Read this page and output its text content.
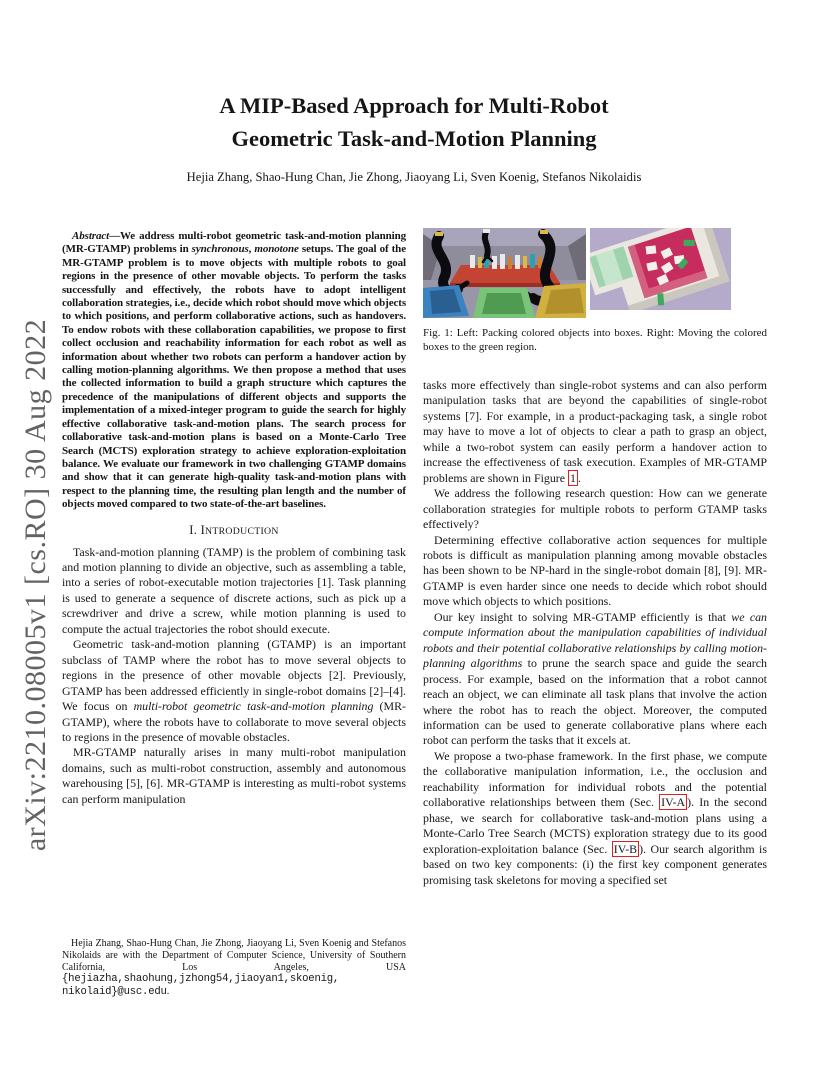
arXiv:2210.08005v1 [cs.RO] 30 Aug 2022
A MIP-Based Approach for Multi-Robot
Geometric Task-and-Motion Planning
Hejia Zhang, Shao-Hung Chan, Jie Zhong, Jiaoyang Li, Sven Koenig, Stefanos Nikolaidis

Abstract—We address multi-robot geometric task-and-motion planning (MR-GTAMP) problems in synchronous, monotone setups. The goal of the MR-GTAMP problem is to move objects with multiple robots to goal regions in the presence of other movable objects. To perform the tasks successfully and effectively, the robots have to adopt intelligent collaboration strategies, i.e., decide which robot should move which objects to which positions, and perform collaborative actions, such as handovers. To endow robots with these collaboration capabilities, we propose to first collect occlusion and reachability information for each robot as well as information about whether two robots can perform a handover action by calling motion-planning algorithms. We then propose a method that uses the collected information to build a graph structure which captures the precedence of the manipulations of different objects and supports the implementation of a mixed-integer program to guide the search for highly effective collaborative task-and-motion plans. The search process for collaborative task-and-motion plans is based on a Monte-Carlo Tree Search (MCTS) exploration strategy to achieve exploration-exploitation balance. We evaluate our framework in two challenging GTAMP domains and show that it can generate high-quality task-and-motion plans with respect to the planning time, the resulting plan length and the number of objects moved compared to two state-of-the-art baselines.

I. INTRODUCTION

Task-and-motion planning (TAMP) is the problem of combining task and motion planning to divide an objective, such as assembling a table, into a series of robot-executable motion trajectories [1]. Task planning is used to generate a sequence of discrete actions, such as pick up a screwdriver and drive a screw, while motion planning is used to compute the actual trajectories the robot should execute.

Geometric task-and-motion planning (GTAMP) is an important subclass of TAMP where the robot has to move several objects to regions in the presence of other movable objects [2]. Previously, GTAMP has been addressed efficiently in single-robot domains [2]–[4]. We focus on multi-robot geometric task-and-motion planning (MR-GTAMP), where the robots have to collaborate to move several objects to regions in the presence of movable obstacles.

MR-GTAMP naturally arises in many multi-robot manipulation domains, such as multi-robot construction, assembly and autonomous warehousing [5], [6]. MR-GTAMP is interesting as multi-robot systems can perform manipulation

Fig. 1: Left: Packing colored objects into boxes. Right: Moving the colored boxes to the green region.

tasks more effectively than single-robot systems and can also perform manipulation tasks that are beyond the capabilities of single-robot systems [7]. For example, in a product-packaging task, a single robot may have to move a lot of objects to clear a path to grasp an object, while a two-robot system can easily perform a handover action to increase the effectiveness of task execution. Examples of MR-GTAMP problems are shown in Figure 1 .

We address the following research question: How can we generate collaboration strategies for multiple robots to perform GTAMP tasks effectively?

Determining effective collaborative action sequences for multiple robots is difficult as manipulation planning among movable obstacles has been shown to be NP-hard in the single-robot domain [8], [9]. MR-GTAMP is even harder since one needs to decide which robot should move which objects to which positions.

Our key insight to solving MR-GTAMP efficiently is that we can compute information about the manipulation capabilities of individual robots and their potential collaborative relationships by calling motion-planning algorithms to prune the search space and guide the search process. For example, based on the information that a robot cannot reach an object, we can eliminate all task plans that involve the action where the robot has to reach the object. Moreover, the computed information can be used to generate collaborative plans where each robot can perform the tasks that it excels at.

We propose a two-phase framework. In the first phase, we compute the collaborative manipulation information, i.e., the occlusion and reachability information for individual robots and the potential collaborative relationships between them (Sec. IV-A ). In the second phase, we search for collaborative task-and-motion plans using a Monte-Carlo Tree Search (MCTS) exploration strategy due to its good exploration-exploitation balance (Sec. IV-B ). Our search algorithm is based on two key components: (i) the first key component generates promising task skeletons for moving a specified set

Hejia Zhang, Shao-Hung Chan, Jie Zhong, Jiaoyang Li, Sven Koenig and Stefanos Nikolaids are with the Department of Computer Science, University of Southern California, Los Angeles, USA {hejiazha,shaohung,jzhong54,jiaoyan1,skoenig, nikolaid}@usc.edu.
